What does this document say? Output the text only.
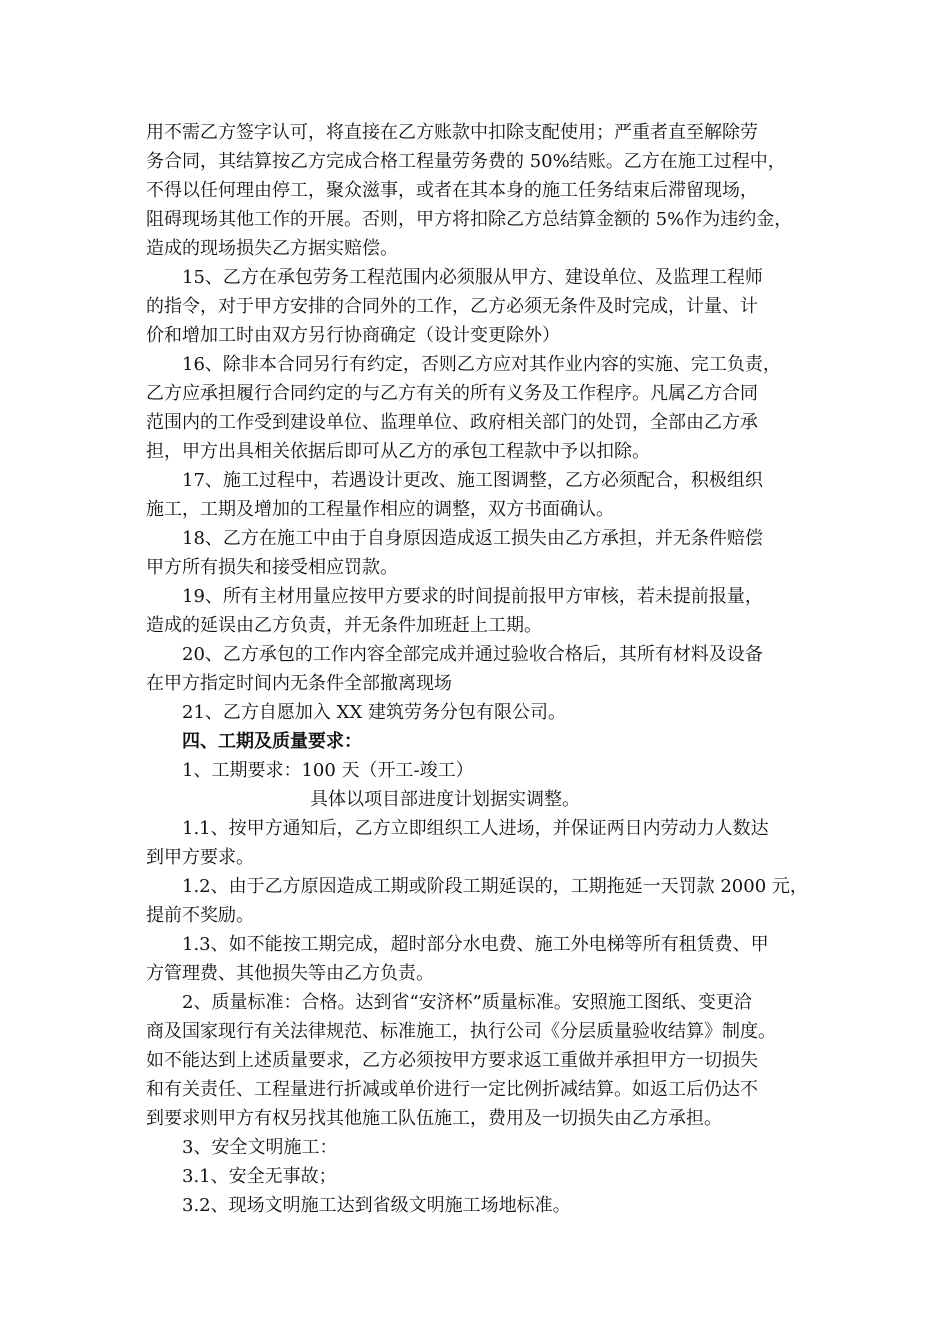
用不需乙方签字认可，将直接在乙方账款中扣除支配使用；严重者直至解除劳
务合同，其结算按乙方完成合格工程量劳务费的 50%结账。乙方在施工过程中，
不得以任何理由停工，聚众滋事，或者在其本身的施工任务结束后滞留现场，
阻碍现场其他工作的开展。否则，甲方将扣除乙方总结算金额的 5%作为违约金，
造成的现场损失乙方据实赔偿。
15、乙方在承包劳务工程范围内必须服从甲方、建设单位、及监理工程师
的指令，对于甲方安排的合同外的工作，乙方必须无条件及时完成，计量、计
价和增加工时由双方另行协商确定（设计变更除外）
16、除非本合同另行有约定，否则乙方应对其作业内容的实施、完工负责，
乙方应承担履行合同约定的与乙方有关的所有义务及工作程序。凡属乙方合同
范围内的工作受到建设单位、监理单位、政府相关部门的处罚，全部由乙方承
担，甲方出具相关依据后即可从乙方的承包工程款中予以扣除。
17、施工过程中，若遇设计更改、施工图调整，乙方必须配合，积极组织
施工，工期及增加的工程量作相应的调整，双方书面确认。
18、乙方在施工中由于自身原因造成返工损失由乙方承担，并无条件赔偿
甲方所有损失和接受相应罚款。
19、所有主材用量应按甲方要求的时间提前报甲方审核，若未提前报量，
造成的延误由乙方负责，并无条件加班赶上工期。
20、乙方承包的工作内容全部完成并通过验收合格后，其所有材料及设备
在甲方指定时间内无条件全部撤离现场
21、乙方自愿加入 XX 建筑劳务分包有限公司。
四、工期及质量要求：
1、工期要求：100 天（开工-竣工）
具体以项目部进度计划据实调整。
1.1、按甲方通知后，乙方立即组织工人进场，并保证两日内劳动力人数达
到甲方要求。
1.2、由于乙方原因造成工期或阶段工期延误的，工期拖延一天罚款 2000 元，
提前不奖励。
1.3、如不能按工期完成，超时部分水电费、施工外电梯等所有租赁费、甲
方管理费、其他损失等由乙方负责。
2、质量标准：合格。达到省“安济杯”质量标准。安照施工图纸、变更洽
商及国家现行有关法律规范、标准施工，执行公司《分层质量验收结算》制度。
如不能达到上述质量要求，乙方必须按甲方要求返工重做并承担甲方一切损失
和有关责任、工程量进行折减或单价进行一定比例折减结算。如返工后仍达不
到要求则甲方有权另找其他施工队伍施工，费用及一切损失由乙方承担。
3、安全文明施工：
3.1、安全无事故；
3.2、现场文明施工达到省级文明施工场地标准。
